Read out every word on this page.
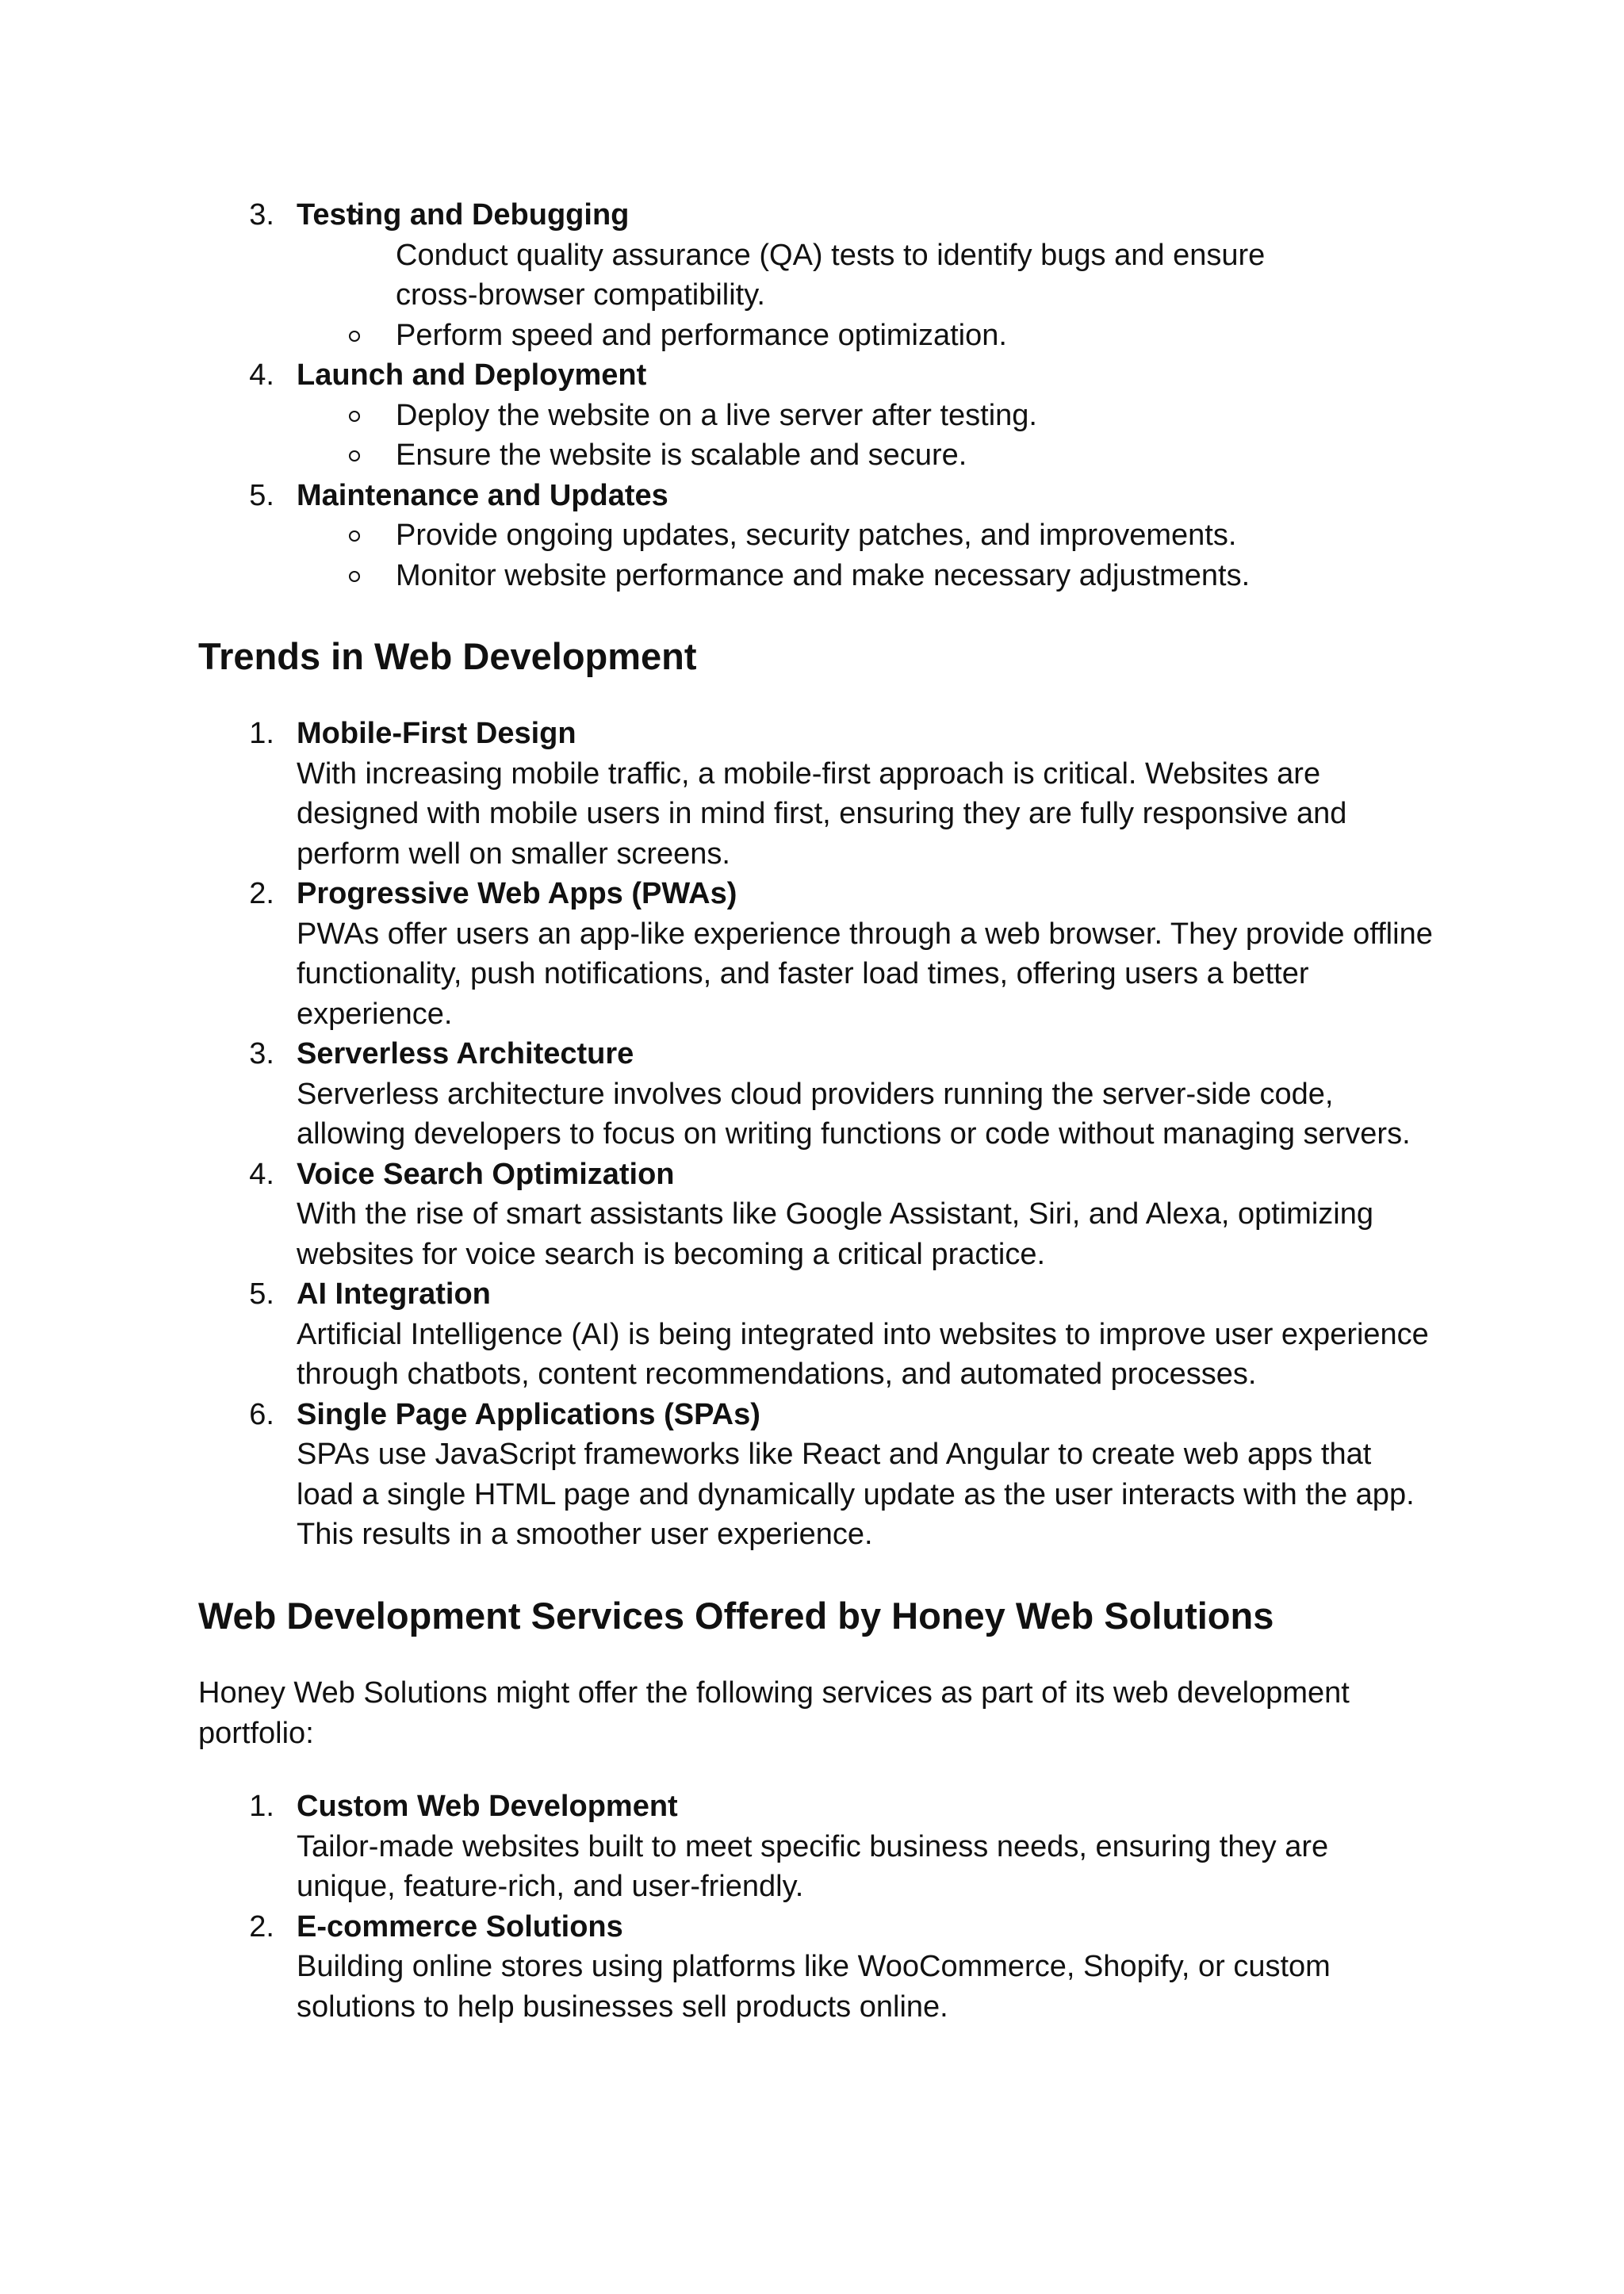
3. Testing and Debugging
Conduct quality assurance (QA) tests to identify bugs and ensure
cross-browser compatibility.
Perform speed and performance optimization.
4. Launch and Deployment
Deploy the website on a live server after testing.
Ensure the website is scalable and secure.
5. Maintenance and Updates
Provide ongoing updates, security patches, and improvements.
Monitor website performance and make necessary adjustments.
Trends in Web Development
1. Mobile-First Design
With increasing mobile traffic, a mobile-first approach is critical. Websites are
designed with mobile users in mind first, ensuring they are fully responsive and
perform well on smaller screens.
2. Progressive Web Apps (PWAs)
PWAs offer users an app-like experience through a web browser. They provide offline
functionality, push notifications, and faster load times, offering users a better
experience.
3. Serverless Architecture
Serverless architecture involves cloud providers running the server-side code,
allowing developers to focus on writing functions or code without managing servers.
4. Voice Search Optimization
With the rise of smart assistants like Google Assistant, Siri, and Alexa, optimizing
websites for voice search is becoming a critical practice.
5. AI Integration
Artificial Intelligence (AI) is being integrated into websites to improve user experience
through chatbots, content recommendations, and automated processes.
6. Single Page Applications (SPAs)
SPAs use JavaScript frameworks like React and Angular to create web apps that
load a single HTML page and dynamically update as the user interacts with the app.
This results in a smoother user experience.
Web Development Services Offered by Honey Web Solutions
Honey Web Solutions might offer the following services as part of its web development
portfolio:
1. Custom Web Development
Tailor-made websites built to meet specific business needs, ensuring they are
unique, feature-rich, and user-friendly.
2. E-commerce Solutions
Building online stores using platforms like WooCommerce, Shopify, or custom
solutions to help businesses sell products online.
